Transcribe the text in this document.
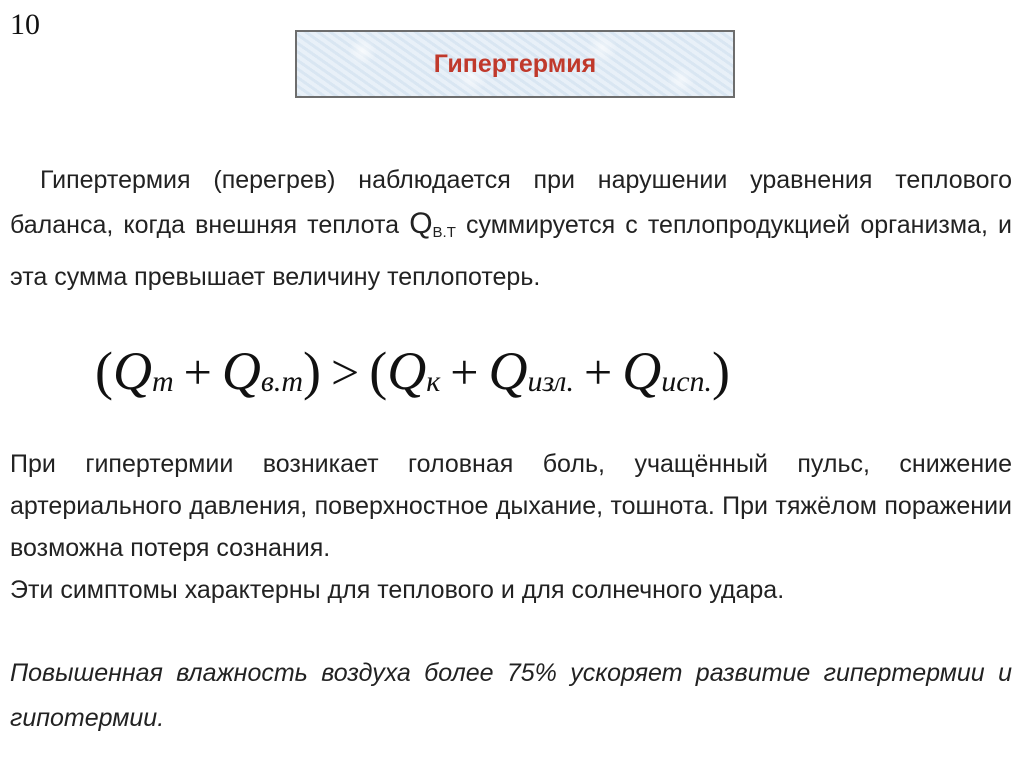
10
Гипертермия

Гипертермия (перегрев) наблюдается при нарушении уравнения теплового баланса, когда внешняя теплота $Q_{В.Т}$ суммируется с теплопродукцией организма, и эта сумма превышает величину теплопотерь.

(Qт + Qв.т) > (Qк + Qизл. + Qисп.)

При гипертермии возникает головная боль, учащённый пульс, снижение артериального давления, поверхностное дыхание, тошнота. При тяжёлом поражении возможна потеря сознания.
Эти симптомы характерны для теплового и для солнечного удара.

Повышенная влажность воздуха более 75% ускоряет развитие гипертермии и гипотермии.
